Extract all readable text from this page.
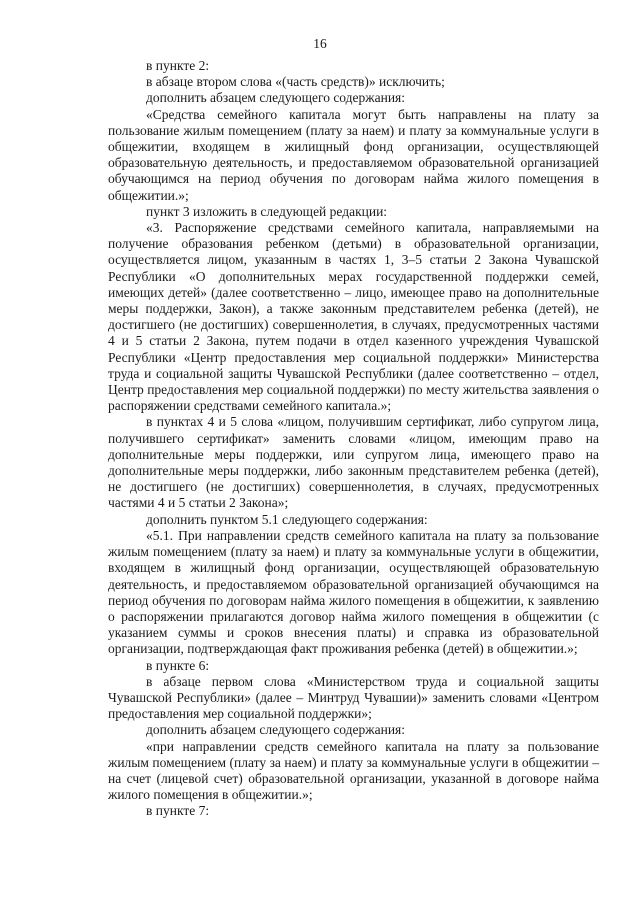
16

в пункте 2:

в абзаце втором слова «(часть средств)» исключить;

дополнить абзацем следующего содержания:

«Средства семейного капитала могут быть направлены на плату за пользование жилым помещением (плату за наем) и плату за коммунальные услуги в общежитии, входящем в жилищный фонд организации, осуществляющей образовательную деятельность, и предоставляемом образовательной организацией обучающимся на период обучения по договорам найма жилого помещения в общежитии.»;

пункт 3 изложить в следующей редакции:

«3. Распоряжение средствами семейного капитала, направляемыми на получение образования ребенком (детьми) в образовательной организации, осуществляется лицом, указанным в частях 1, 3–5 статьи 2 Закона Чувашской Республики «О дополнительных мерах государственной поддержки семей, имеющих детей» (далее соответственно – лицо, имеющее право на дополнительные меры поддержки, Закон), а также законным представителем ребенка (детей), не достигшего (не достигших) совершеннолетия, в случаях, предусмотренных частями 4 и 5 статьи 2 Закона, путем подачи в отдел казенного учреждения Чувашской Республики «Центр предоставления мер социальной поддержки» Министерства труда и социальной защиты Чувашской Республики (далее соответственно – отдел, Центр предоставления мер социальной поддержки) по месту жительства заявления о распоряжении средствами семейного капитала.»;

в пунктах 4 и 5 слова «лицом, получившим сертификат, либо супругом лица, получившего сертификат» заменить словами «лицом, имеющим право на дополнительные меры поддержки, или супругом лица, имеющего право на дополнительные меры поддержки, либо законным представителем ребенка (детей), не достигшего (не достигших) совершеннолетия, в случаях, предусмотренных частями 4 и 5 статьи 2 Закона»;

дополнить пунктом 5.1 следующего содержания:

«5.1. При направлении средств семейного капитала на плату за пользование жилым помещением (плату за наем) и плату за коммунальные услуги в общежитии, входящем в жилищный фонд организации, осуществляющей образовательную деятельность, и предоставляемом образовательной организацией обучающимся на период обучения по договорам найма жилого помещения в общежитии, к заявлению о распоряжении прилагаются договор найма жилого помещения в общежитии (с указанием суммы и сроков внесения платы) и справка из образовательной организации, подтверждающая факт проживания ребенка (детей) в общежитии.»;

в пункте 6:

в абзаце первом слова «Министерством труда и социальной защиты Чувашской Республики» (далее – Минтруд Чувашии)» заменить словами «Центром предоставления мер социальной поддержки»;

дополнить абзацем следующего содержания:

«при направлении средств семейного капитала на плату за пользование жилым помещением (плату за наем) и плату за коммунальные услуги в общежитии – на счет (лицевой счет) образовательной организации, указанной в договоре найма жилого помещения в общежитии.»;

в пункте 7:
